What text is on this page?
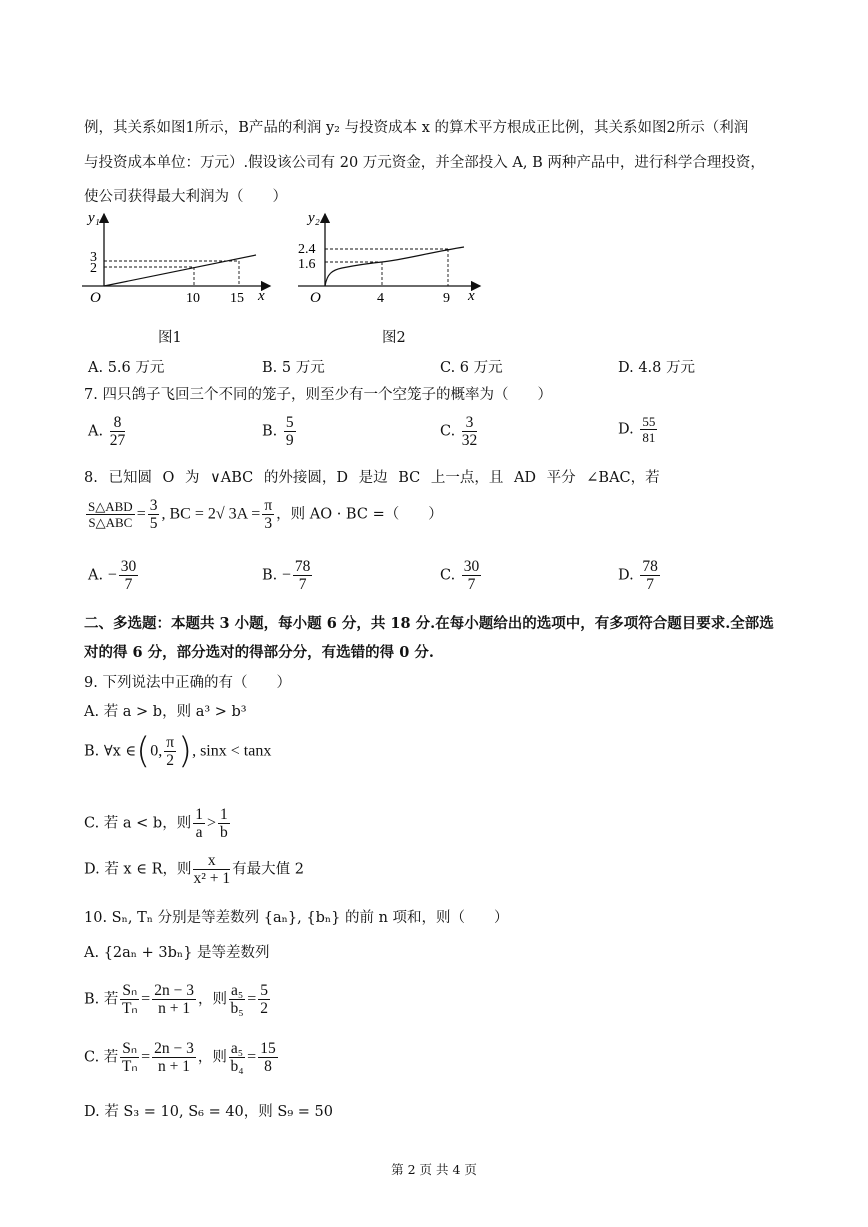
例，其关系如图1所示，B产品的利润 y₂ 与投资成本 x 的算术平方根成正比例，其关系如图2所示（利润
与投资成本单位：万元）.假设该公司有 20 万元资金，并全部投入 A, B 两种产品中，进行科学合理投资，
使公司获得最大利润为（　　）
y₁
x
O	10 15
2
3
图1
y₂
x
O	4	9
1.6
2.4
图2
A. 5.6 万元	B. 5 万元	C. 6 万元	D. 4.8 万元
7. 四只鸽子飞回三个不同的笼子，则至少有一个空笼子的概率为（　　）
A. $\frac{8}{27}$	B. $\frac{5}{9}$	C. $\frac{3}{32}$	D. $\frac{55}{81}$
8. 已知圆 O 为 ∨ABC 的外接圆，D 是边 BC 上一点，且 AD 平分 ∠BAC，若
$\frac{\text{S△ABD}}{\text{S△ABC}} = \frac{3}{5}$ , BC = 2√ $3A = \frac{\pi}{3}$ ，则 AO · BC =（　　）
A. − $\frac{30}{7}$	B. − $\frac{78}{7}$	C. $\frac{30}{7}$	D. $\frac{78}{7}$
二、多选题：本题共 3 小题，每小题 6 分，共 18 分.在每小题给出的选项中，有多项符合题目要求.全部选
对的得 6 分，部分选对的得部分分，有选错的得 0 分.
9. 下列说法中正确的有（　　）
A. 若 a > b，则 a³ > b³
B. ∀x ∈(0, $\frac{\pi}{2}$ ), sinx < tanx
C. 若 a < b，则 $\frac{1}{a} > \frac{1}{b}$
D. 若 x ∈ R，则 $\frac{x}{\text{x² + 1}}$ 有最大值 2
10. Sₙ, Tₙ 分别是等差数列 {aₙ}, {bₙ} 的前 n 项和，则（　　）
A. {2aₙ + 3bₙ} 是等差数列
B. 若 $\frac{\text{Sₙ}}{\text{Tₙ}} = \frac{2n - 3}{n + 1}$ ，则 $\frac{\text{a₅}}{\text{b₅}} = \frac{5}{2}$
C. 若 $\frac{\text{Sₙ}}{\text{Tₙ}} = \frac{2n - 3}{n + 1}$ ，则 $\frac{\text{a₅}}{\text{b₄}} = \frac{15}{8}$
D. 若 S₃ = 10, S₆ = 40，则 S₉ = 50
第 2 页 共 4 页
